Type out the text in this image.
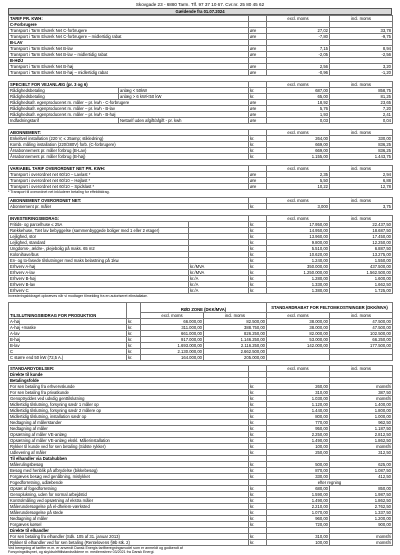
Skovgade 23 - 6880 Tarm. Tlf. 97 37 10 67. Cvr.nr. 25 80 45 62
Gældende fra 01.07.2024
TARIF PR. KWH:		excl. moms	incl. moms
C-Forbrugere			
Transport i Tarm Elværk Net C-forbrugere	øre	27,02	33,78
Transport i Tarm Elværk Net C-forbrugere – midlertidig rabat	øre	-7,80	-9,75
B-LAV			
Transport i Tarm Elværk Net B-lav	øre	7,15	8,94
Transport i Tarm Elværk Net B-lav – midlertidig rabat	øre	-2,05	-2,56
B-HØJ			
Transport i Tarm Elværk Net B-høj	øre	2,56	3,20
Transport i Tarm Elværk Net B-høj – midlertidig rabat	øre	-0,96	-1,20
SPECIELT FOR VEJANLÆG (pr. 3 og 6)			excl. moms	incl. moms
Rådighedsbetaling	anlæg < 50kW	kr.	687,00	858,75
Rådighedsbetaling	anlæg > 6 kW/<50 kW	kr.	65,00	81,25
Rådighedsafr. egenproduceret m. måler – pr. kwh - C-forbrugere		øre	18,92	23,65
Rådighedsafr. egenproduceret m. måler – pr. kwh - B-lav		øre	5,76	7,20
Rådighedsafr. egenproduceret m. måler – pr. kwh - B-høj		øre	1,93	2,41
Indfødningstarif	Nettarif uden afgift/afgift - pr. kwh	øre	0,03	0,04
ABONNEMENT:		excl. moms	incl. moms
Enkeltvel installation (220 V; ≤ 25amp; stikledning)	kr.	264,00	330,00
Komb. måling installation (220/380V) forb. (C-forbrugere)	kr.	669,00	836,25
Årsabonnement pr. måler forbrug (B-Lav)	kr.	669,00	836,25
Årsabonnement pr. måler forbrug (B-høj)	kr.	1.155,00	1.443,75
VARIABEL TARIF OVERORDNET NET PR. KWH:		excl. moms	incl. moms
Transport i overordnet net 60/10 – Lavlast *	øre	2,35	2,94
Transport i overordnet net 60/10 – Højlast *	øre	5,50	6,88
Transport i overordnet net 60/10 – Spidslast *	øre	10,22	12,78
* Transport til overordnet net inkluderer betaling for effektbidrag.
ABONNEMENT OVERORDNET NET:		excl. moms	incl. moms
Abonnement pr. måler	kr.	3,000	3,75
INVESTERINGSBIDRAG:			excl. moms	incl. moms
Fritids- og parcelhuse ≤ 25A		kr.	17.950,00	22.437,50
Rækkehuse, Tæt lav bebyggelse (sammenbyggede boliger med 1 eller 2 etager)		kr.	14.950,00	18.687,50
Lejlighed, stor		kr.	13.960,00	17.450,00
Lejlighed, standard		kr.	9.800,00	12.250,00
Ungdoms-, ældre-, plejebolig på maks. 65 m2		kr.	5.510,00	6.887,50
Kolonihave/bus		kr.	10.620,00	13.275,00
En- og to-fasede tilslutninger med maks belastning på 1kw.		kr.	1.240,00	1.550,00
Erhverv A-høj	kr./MVA	kr.	350.000,00	437.500,00
Erhverv A-lav	kr./MVA	kr.	1.250.000,00	1.562.500,00
Erhverv B-høj	kr./A	kr.	1.280,00	1.600,00
Erhverv B-lav	kr./A	kr.	1.330,00	1.662,50
Erhverv C	kr./A	kr.	1.380,00	1.725,00
Investeringsbidraget opkræves når vi modtager tilmelding fra en autoriseret elinstallatør.
TILSLUTNINGSBIDRAG FOR PRODUKTION		RØD ZONE (DKK/MVA)		STANDARDRABAT FOR FELTOMKOSTNINGER (DKK/MVA)	
		excl. moms	incl. moms	excl. moms	incl. moms
A-høj	kr.	66.000,00	82.500,00	38.000,00	47.500,00
A-høj +maske	kr.	311.000,00	388.750,00	38.000,00	47.500,00
A-lav	kr.	661.000,00	826.250,00	82.000,00	102.500,00
B-høj	kr.	917.000,00	1.146.250,00	53.000,00	66.250,00
B-lav	kr.	1.693.000,00	2.116.250,00	142.000,00	177.500,00
C	kr.	2.130.000,00	2.662.500,00		
C større end 50 kW (72,5 A.)	kr.	164.000,00	205.000,00		
STANDARDYDELSER:		excl. moms	incl. moms
Direkte til kunde			
Betalingsfolde			
For sen betaling fra erhvervskunde	kr.	260,00	momsfri
For sen betaling fra privatkunde	kr.	310,00	387,50
Genoptryddes ved udvdig genttilslutning	kr.	1.030,00	momsfri
Midlertidig tilslutning, forsyning sædr 1 måler op	kr.	1.120,00	1.400,00
Midlertidig tilslutning, forsyning sædr 2 målere op	kr.	1.440,00	1.800,00
Midlertidig tilslutning, installation sædr op	kr.	800,00	1.000,00
Nedtagning af målerstander	kr.	770,00	962,50
Nedtagning af måler	kr.	950,00	1.187,50
Opsætning af måler VE-anlæg	kr.	2.250,00	2.812,50
Opsætning af måler VE-anlæg ekskl. Målerinstallation	kr.	1.490,00	1.862,50
Rykker til kunde ved for sen betaling (Sidste rykker)	kr.	100,00	momsfri
Udlevering af måler	kr.	250,00	312,50
Til elhandler via Datahubben			
Målerulingsbesøg	kr.	500,00	625,00
Besøg med henblik på afbrydelse (bikkebesøg)	kr.	870,00	1.087,50
Forgæves besøg ved genåbning, mislykket	kr.	330,00	412,50
Fogedforretning, udlæbende		efter regning	
Opsæt af fogedforretning	kr.	680,00	850,00
Genoplukning, uden for normal arbejdstid	kr.	1.590,00	1.987,50
Kontrolmåling ved opsætning af ekstra måler	kr.	1.490,00	1.862,50
Målerundersøgelse på el-dhelem-værksted	kr.	2.210,00	2.762,50
Målerundersøgelse på stede	kr.	1.070,00	1.337,50
Nedtagning af måler	kr.	960,00	1.200,00
Forgæves kørsel	kr.	720,00	900,00
Direkte til elhandler			
For sen betaling fra elhandler (Sdk. 105 af 31. januar 2013)	kr.	310,00	momsfri
Rykker til elhandler ved for sen betaling (Rentelovens §9b stk. 2)	kr.	100,00	momsfri
Ved beregning af tariffer m.m. er anvendt Dansk Energis tarifberegningsmodel som er anmeldt og godkendt af
Forsyningstilsynet, og skyldsdrifttilstandsrådene nr. medlemsbrev 03/2021 fra Dansk Energi.
